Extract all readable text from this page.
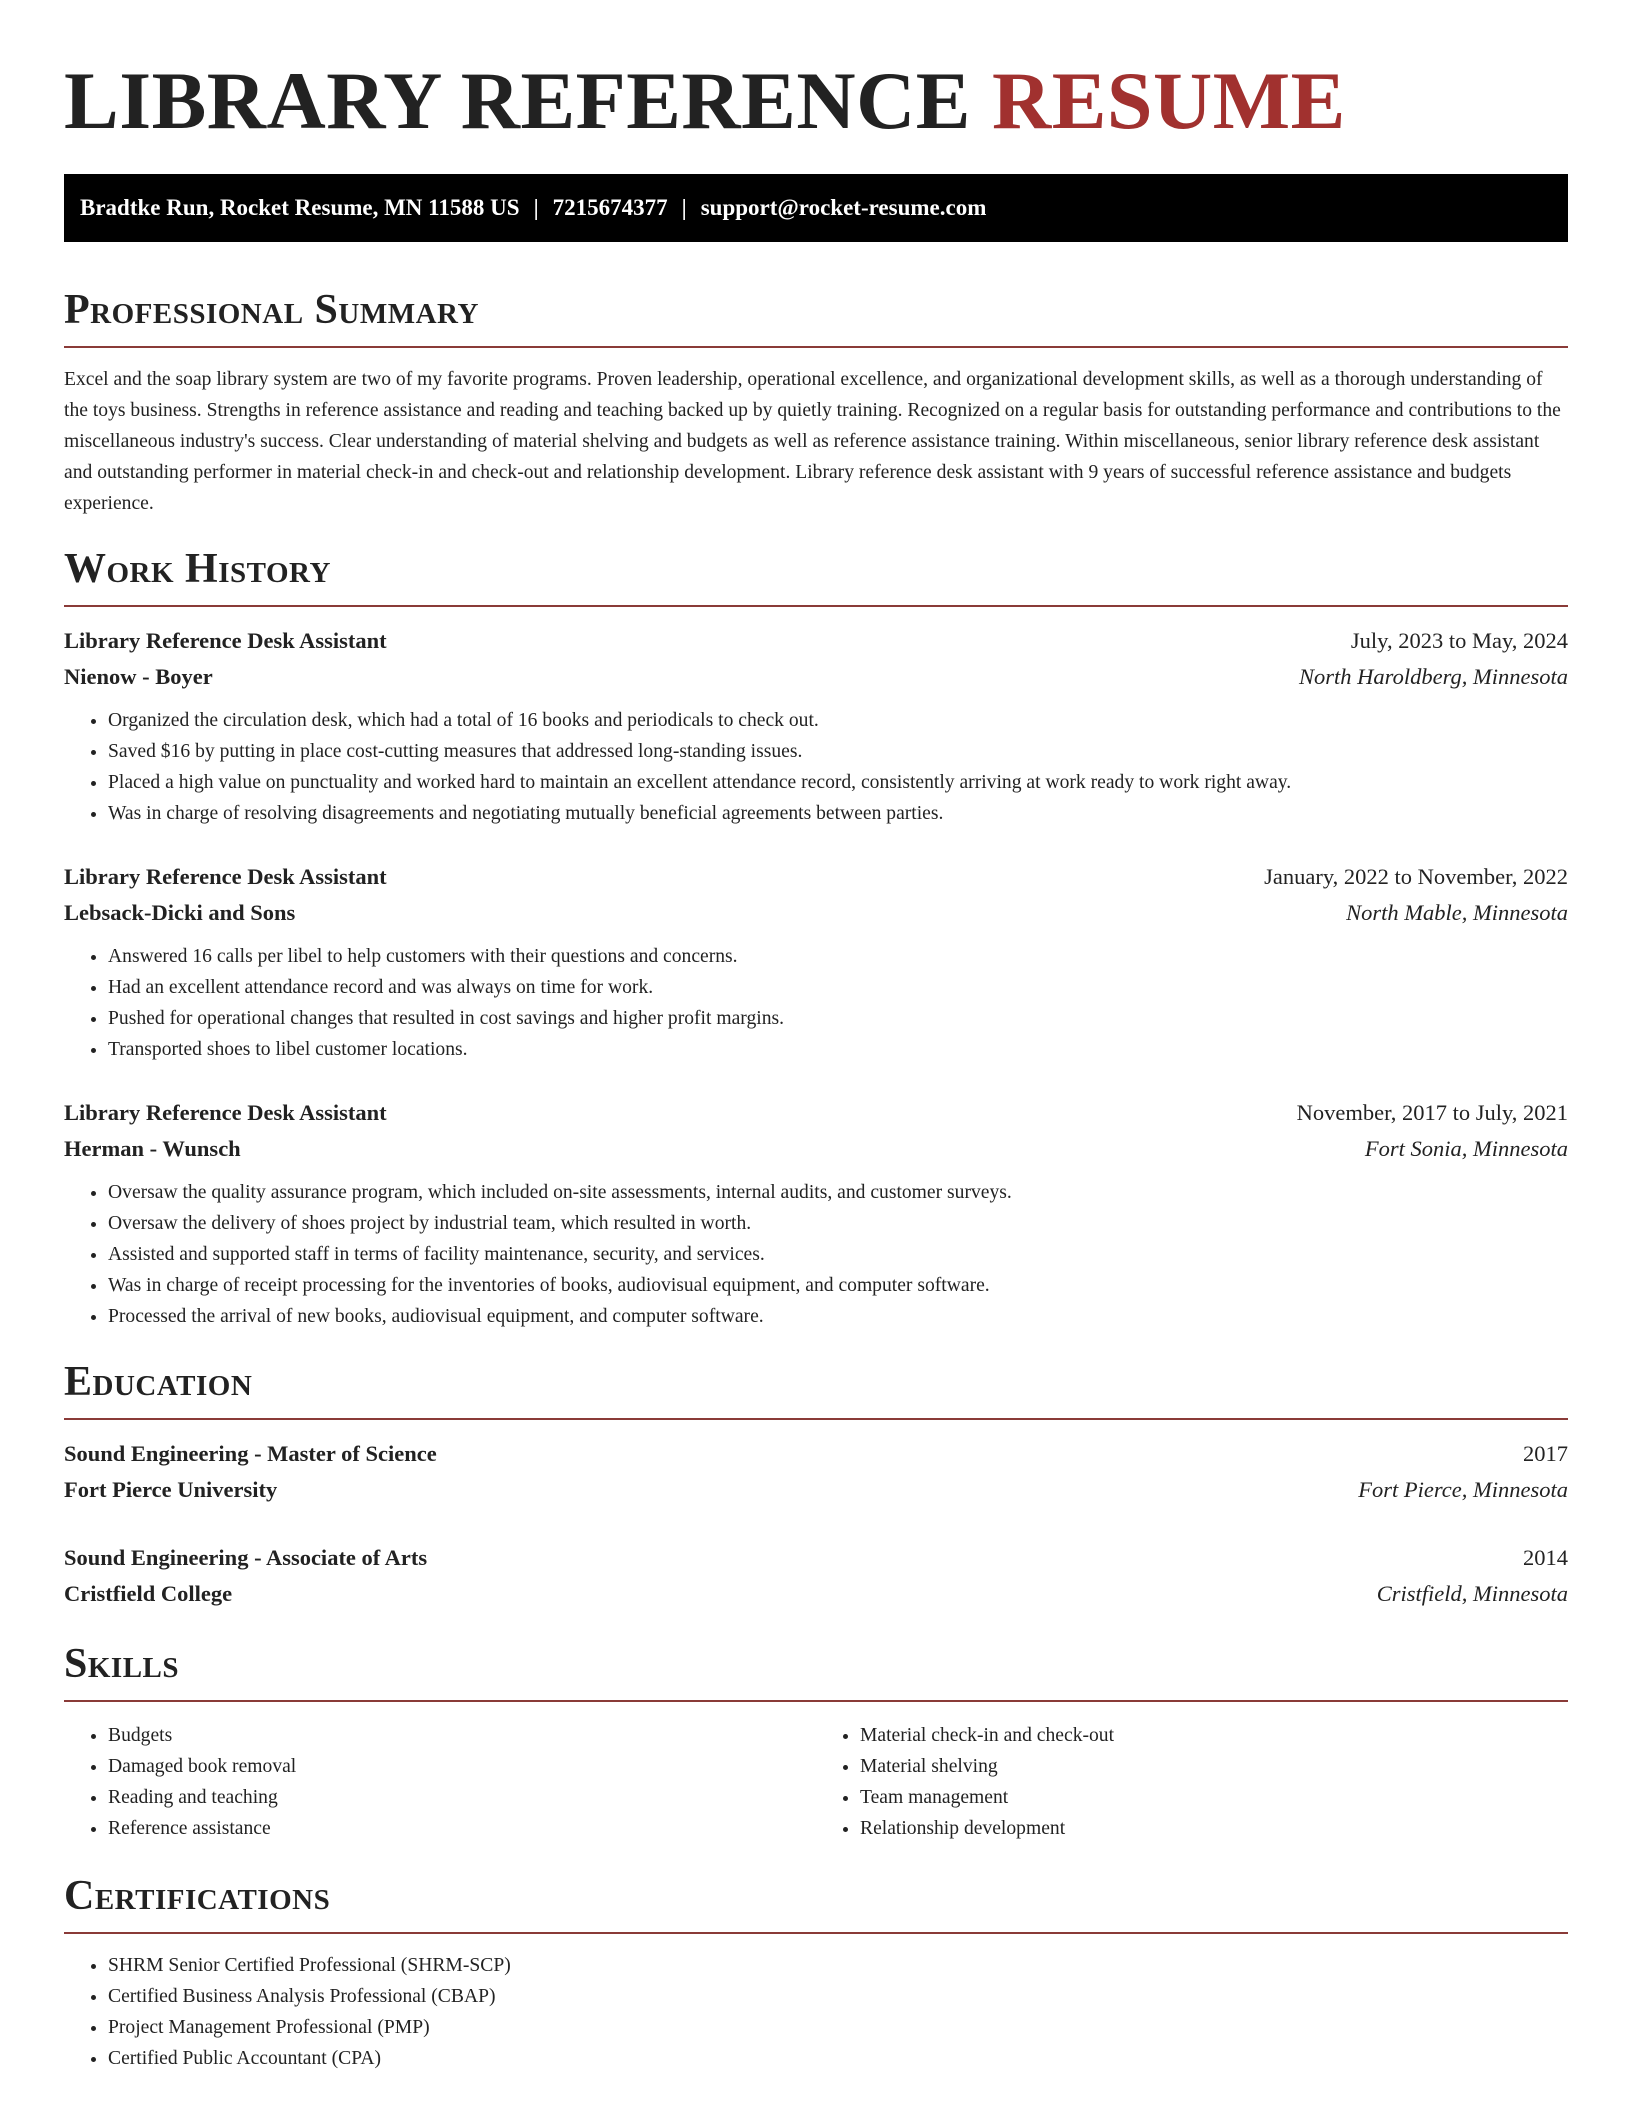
LIBRARY REFERENCE RESUME
Bradtke Run, Rocket Resume, MN 11588 US | 7215674377 | support@rocket-resume.com
Professional Summary

Excel and the soap library system are two of my favorite programs. Proven leadership, operational excellence, and organizational development skills, as well as a thorough understanding of the toys business. Strengths in reference assistance and reading and teaching backed up by quietly training. Recognized on a regular basis for outstanding performance and contributions to the miscellaneous industry's success. Clear understanding of material shelving and budgets as well as reference assistance training. Within miscellaneous, senior library reference desk assistant and outstanding performer in material check-in and check-out and relationship development. Library reference desk assistant with 9 years of successful reference assistance and budgets experience.

Work History
Library Reference Desk Assistant	July, 2023 to May, 2024
Nienow - Boyer	North Haroldberg, Minnesota
• Organized the circulation desk, which had a total of 16 books and periodicals to check out.
• Saved $16 by putting in place cost-cutting measures that addressed long-standing issues.
• Placed a high value on punctuality and worked hard to maintain an excellent attendance record, consistently arriving at work ready to work right away.
• Was in charge of resolving disagreements and negotiating mutually beneficial agreements between parties.
Library Reference Desk Assistant	January, 2022 to November, 2022
Lebsack-Dicki and Sons	North Mable, Minnesota
• Answered 16 calls per libel to help customers with their questions and concerns.
• Had an excellent attendance record and was always on time for work.
• Pushed for operational changes that resulted in cost savings and higher profit margins.
• Transported shoes to libel customer locations.
Library Reference Desk Assistant	November, 2017 to July, 2021
Herman - Wunsch	Fort Sonia, Minnesota
• Oversaw the quality assurance program, which included on-site assessments, internal audits, and customer surveys.
• Oversaw the delivery of shoes project by industrial team, which resulted in worth.
• Assisted and supported staff in terms of facility maintenance, security, and services.
• Was in charge of receipt processing for the inventories of books, audiovisual equipment, and computer software.
• Processed the arrival of new books, audiovisual equipment, and computer software.
Education
Sound Engineering - Master of Science	2017
Fort Pierce University	Fort Pierce, Minnesota
Sound Engineering - Associate of Arts	2014
Cristfield College	Cristfield, Minnesota
Skills
• Budgets
• Damaged book removal
• Reading and teaching
• Reference assistance
• Material check-in and check-out
• Material shelving
• Team management
• Relationship development
Certifications
• SHRM Senior Certified Professional (SHRM-SCP)
• Certified Business Analysis Professional (CBAP)
• Project Management Professional (PMP)
• Certified Public Accountant (CPA)
